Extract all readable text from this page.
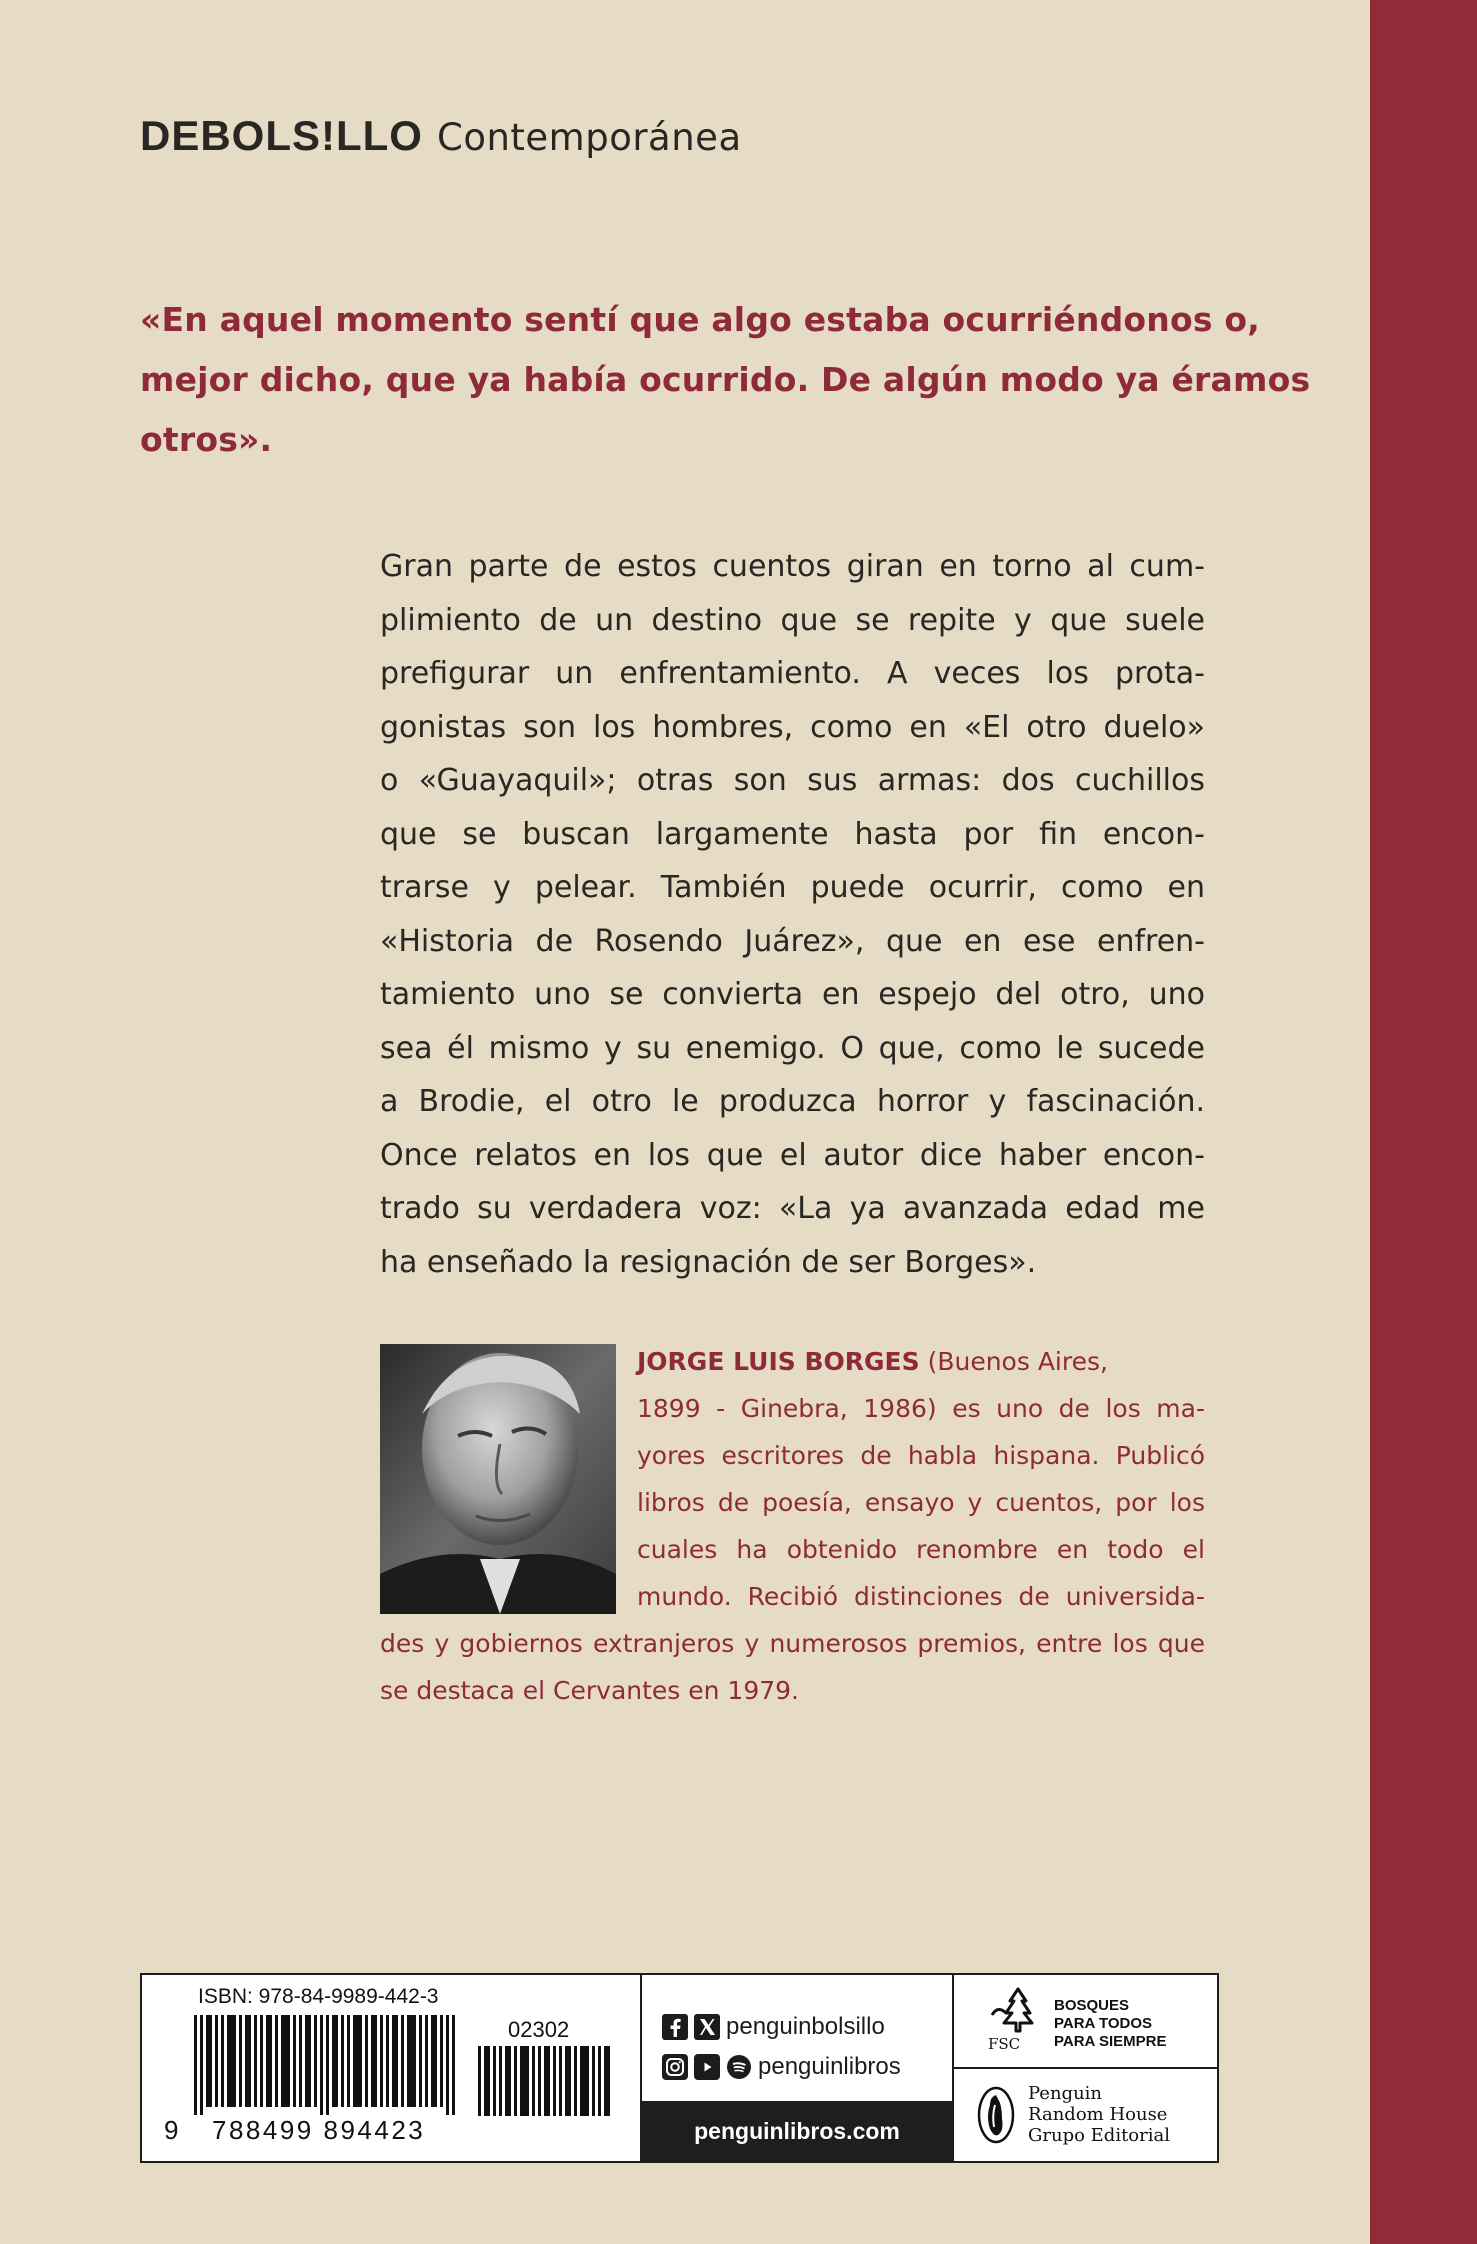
DEBOLS!LLO Contemporánea
«En aquel momento sentí que algo estaba ocurriéndonos o,
mejor dicho, que ya había ocurrido. De algún modo ya éramos
otros».
Gran parte de estos cuentos giran en torno al cum-
plimiento de un destino que se repite y que suele
prefigurar un enfrentamiento. A veces los prota-
gonistas son los hombres, como en «El otro duelo»
o «Guayaquil»; otras son sus armas: dos cuchillos
que se buscan largamente hasta por fin encon-
trarse y pelear. También puede ocurrir, como en
«Historia de Rosendo Juárez», que en ese enfren-
tamiento uno se convierta en espejo del otro, uno
sea él mismo y su enemigo. O que, como le sucede
a Brodie, el otro le produzca horror y fascinación.
Once relatos en los que el autor dice haber encon-
trado su verdadera voz: «La ya avanzada edad me
ha enseñado la resignación de ser Borges».
JORGE LUIS BORGES (Buenos Aires,
1899 - Ginebra, 1986) es uno de los ma-
yores escritores de habla hispana. Publicó
libros de poesía, ensayo y cuentos, por los
cuales ha obtenido renombre en todo el
mundo. Recibió distinciones de universida-
des y gobiernos extranjeros y numerosos premios, entre los que
se destaca el Cervantes en 1979.
ISBN: 978-84-9989-442-3
02302
9 788499 894423
penguinbolsillo
penguinlibros
penguinlibros.com
FSC
BOSQUES
PARA TODOS
PARA SIEMPRE
Penguin
Random House
Grupo Editorial
